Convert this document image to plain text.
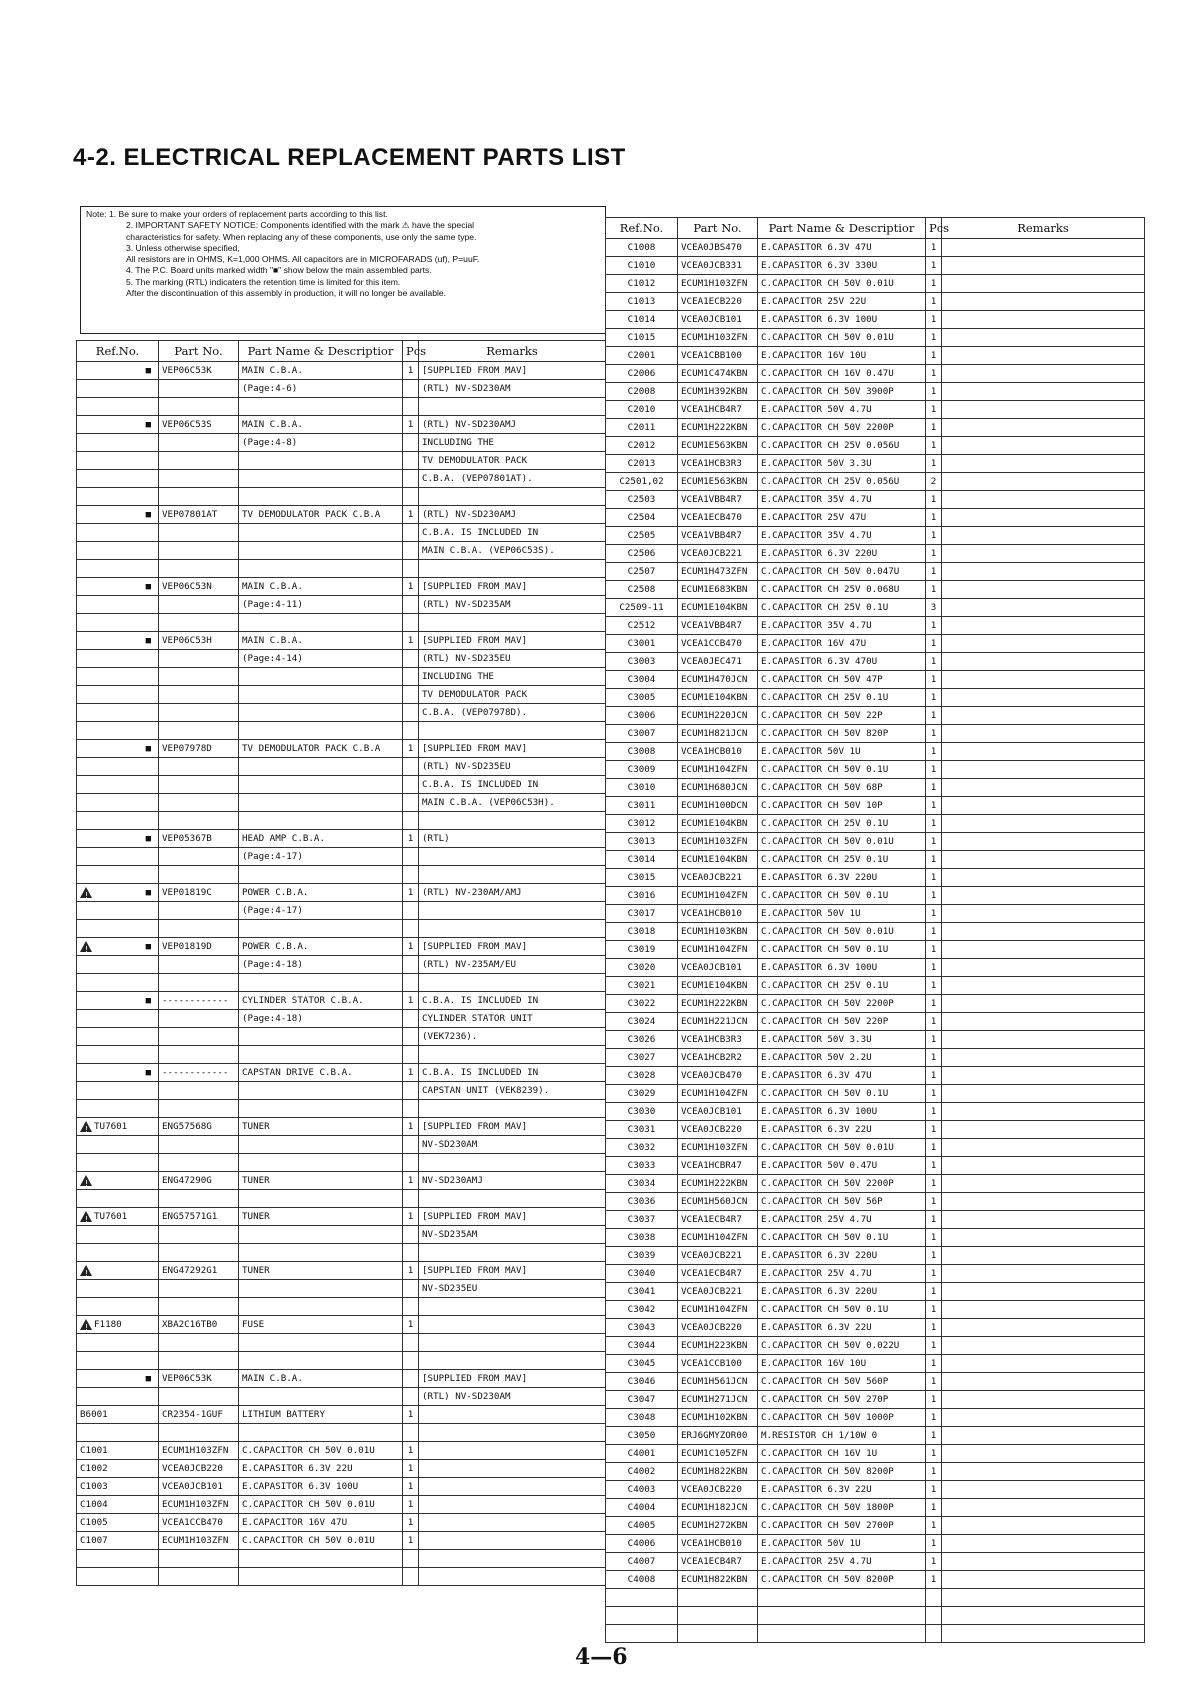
4-2. ELECTRICAL REPLACEMENT PARTS LIST
Note: 1. Be sure to make your orders of replacement parts according to this list.
2. IMPORTANT SAFETY NOTICE: Components identified with the mark ⚠ have the special
characteristics for safety. When replacing any of these components, use only the same type.
3. Unless otherwise specified,
All resistors are in OHMS, K=1,000 OHMS. All capacitors are in MICROFARADS (uf), P=uuF.
4. The P.C. Board units marked width "■" show below the main assembled parts.
5. The marking (RTL) indicaters the retention time is limited for this item.
After the discontinuation of this assembly in production, it will no longer be available.
Ref.No.	Part No.	Part Name & Descriptior	Pcs	Remarks

■	VEP06C53K	MAIN C.B.A.	1	[SUPPLIED FROM MAV]
		(Page:4-6)		(RTL) NV-SD230AM

■	VEP06C53S	MAIN C.B.A.	1	(RTL) NV-SD230AMJ
		(Page:4-8)		INCLUDING THE
				TV DEMODULATOR PACK
				C.B.A. (VEP07801AT).

■	VEP07801AT	TV DEMODULATOR PACK C.B.A	1	(RTL) NV-SD230AMJ
				C.B.A. IS INCLUDED IN
				MAIN C.B.A. (VEP06C53S).

■	VEP06C53N	MAIN C.B.A.	1	[SUPPLIED FROM MAV]
		(Page:4-11)		(RTL) NV-SD235AM

■	VEP06C53H	MAIN C.B.A.	1	[SUPPLIED FROM MAV]
		(Page:4-14)		(RTL) NV-SD235EU
				INCLUDING THE
				TV DEMODULATOR PACK
				C.B.A. (VEP07978D).

■	VEP07978D	TV DEMODULATOR PACK C.B.A	1	[SUPPLIED FROM MAV]
				(RTL) NV-SD235EU
				C.B.A. IS INCLUDED IN
				MAIN C.B.A. (VEP06C53H).

■	VEP05367B	HEAD AMP C.B.A.	1	(RTL)
		(Page:4-17)		

!
■	VEP01819C	POWER C.B.A.	1	(RTL) NV-230AM/AMJ
		(Page:4-17)		

!
■	VEP01819D	POWER C.B.A.	1	[SUPPLIED FROM MAV]
		(Page:4-18)		(RTL) NV-235AM/EU

■	------------	CYLINDER STATOR C.B.A.	1	C.B.A. IS INCLUDED IN
		(Page:4-18)		CYLINDER STATOR UNIT
				(VEK7236).

■	------------	CAPSTAN DRIVE C.B.A.	1	C.B.A. IS INCLUDED IN
				CAPSTAN UNIT (VEK8239).

!TU7601	ENG57568G	TUNER	1	[SUPPLIED FROM MAV]
				NV-SD230AM

!	ENG47290G	TUNER	1	NV-SD230AMJ

!TU7601	ENG57571G1	TUNER	1	[SUPPLIED FROM MAV]
				NV-SD235AM

!	ENG47292G1	TUNER	1	[SUPPLIED FROM MAV]
				NV-SD235EU

!F1180	XBA2C16TB0	FUSE	1	

■	VEP06C53K	MAIN C.B.A.		[SUPPLIED FROM MAV]
				(RTL) NV-SD230AM
B6001	CR2354-1GUF	LITHIUM BATTERY	1	

C1001	ECUM1H103ZFN	C.CAPACITOR CH 50V 0.01U	1	
C1002	VCEA0JCB220	E.CAPASITOR 6.3V 22U	1	
C1003	VCEA0JCB101	E.CAPASITOR 6.3V 100U	1	
C1004	ECUM1H103ZFN	C.CAPACITOR CH 50V 0.01U	1	
C1005	VCEA1CCB470	E.CAPACITOR 16V 47U	1	
C1007	ECUM1H103ZFN	C.CAPACITOR CH 50V 0.01U	1	

Ref.No.	Part No.	Part Name & Descriptior	Pcs	Remarks
C1008	VCEA0JBS470	E.CAPASITOR 6.3V 47U	1	
C1010	VCEA0JCB331	E.CAPASITOR 6.3V 330U	1	
C1012	ECUM1H103ZFN	C.CAPACITOR CH 50V 0.01U	1	
C1013	VCEA1ECB220	E.CAPACITOR 25V 22U	1	
C1014	VCEA0JCB101	E.CAPASITOR 6.3V 100U	1	
C1015	ECUM1H103ZFN	C.CAPACITOR CH 50V 0.01U	1	
C2001	VCEA1CBB100	E.CAPACITOR 16V 10U	1	
C2006	ECUM1C474KBN	C.CAPACITOR CH 16V 0.47U	1	
C2008	ECUM1H392KBN	C.CAPACITOR CH 50V 3900P	1	
C2010	VCEA1HCB4R7	E.CAPACITOR 50V 4.7U	1	
C2011	ECUM1H222KBN	C.CAPACITOR CH 50V 2200P	1	
C2012	ECUM1E563KBN	C.CAPACITOR CH 25V 0.056U	1	
C2013	VCEA1HCB3R3	E.CAPACITOR 50V 3.3U	1	
C2501,02	ECUM1E563KBN	C.CAPACITOR CH 25V 0.056U	2	
C2503	VCEA1VBB4R7	E.CAPACITOR 35V 4.7U	1	
C2504	VCEA1ECB470	E.CAPACITOR 25V 47U	1	
C2505	VCEA1VBB4R7	E.CAPACITOR 35V 4.7U	1	
C2506	VCEA0JCB221	E.CAPASITOR 6.3V 220U	1	
C2507	ECUM1H473ZFN	C.CAPACITOR CH 50V 0.047U	1	
C2508	ECUM1E683KBN	C.CAPACITOR CH 25V 0.068U	1	
C2509-11	ECUM1E104KBN	C.CAPACITOR CH 25V 0.1U	3	
C2512	VCEA1VBB4R7	E.CAPACITOR 35V 4.7U	1	
C3001	VCEA1CCB470	E.CAPACITOR 16V 47U	1	
C3003	VCEA0JEC471	E.CAPASITOR 6.3V 470U	1	
C3004	ECUM1H470JCN	C.CAPACITOR CH 50V 47P	1	
C3005	ECUM1E104KBN	C.CAPACITOR CH 25V 0.1U	1	
C3006	ECUM1H220JCN	C.CAPACITOR CH 50V 22P	1	
C3007	ECUM1H821JCN	C.CAPACITOR CH 50V 820P	1	
C3008	VCEA1HCB010	E.CAPACITOR 50V 1U	1	
C3009	ECUM1H104ZFN	C.CAPACITOR CH 50V 0.1U	1	
C3010	ECUM1H680JCN	C.CAPACITOR CH 50V 68P	1	
C3011	ECUM1H100DCN	C.CAPACITOR CH 50V 10P	1	
C3012	ECUM1E104KBN	C.CAPACITOR CH 25V 0.1U	1	
C3013	ECUM1H103ZFN	C.CAPACITOR CH 50V 0.01U	1	
C3014	ECUM1E104KBN	C.CAPACITOR CH 25V 0.1U	1	
C3015	VCEA0JCB221	E.CAPASITOR 6.3V 220U	1	
C3016	ECUM1H104ZFN	C.CAPACITOR CH 50V 0.1U	1	
C3017	VCEA1HCB010	E.CAPACITOR 50V 1U	1	
C3018	ECUM1H103KBN	C.CAPACITOR CH 50V 0.01U	1	
C3019	ECUM1H104ZFN	C.CAPACITOR CH 50V 0.1U	1	
C3020	VCEA0JCB101	E.CAPASITOR 6.3V 100U	1	
C3021	ECUM1E104KBN	C.CAPACITOR CH 25V 0.1U	1	
C3022	ECUM1H222KBN	C.CAPACITOR CH 50V 2200P	1	
C3024	ECUM1H221JCN	C.CAPACITOR CH 50V 220P	1	
C3026	VCEA1HCB3R3	E.CAPACITOR 50V 3.3U	1	
C3027	VCEA1HCB2R2	E.CAPACITOR 50V 2.2U	1	
C3028	VCEA0JCB470	E.CAPASITOR 6.3V 47U	1	
C3029	ECUM1H104ZFN	C.CAPACITOR CH 50V 0.1U	1	
C3030	VCEA0JCB101	E.CAPASITOR 6.3V 100U	1	
C3031	VCEA0JCB220	E.CAPASITOR 6.3V 22U	1	
C3032	ECUM1H103ZFN	C.CAPACITOR CH 50V 0.01U	1	
C3033	VCEA1HCBR47	E.CAPACITOR 50V 0.47U	1	
C3034	ECUM1H222KBN	C.CAPACITOR CH 50V 2200P	1	
C3036	ECUM1H560JCN	C.CAPACITOR CH 50V 56P	1	
C3037	VCEA1ECB4R7	E.CAPACITOR 25V 4.7U	1	
C3038	ECUM1H104ZFN	C.CAPACITOR CH 50V 0.1U	1	
C3039	VCEA0JCB221	E.CAPASITOR 6.3V 220U	1	
C3040	VCEA1ECB4R7	E.CAPACITOR 25V 4.7U	1	
C3041	VCEA0JCB221	E.CAPASITOR 6.3V 220U	1	
C3042	ECUM1H104ZFN	C.CAPACITOR CH 50V 0.1U	1	
C3043	VCEA0JCB220	E.CAPASITOR 6.3V 22U	1	
C3044	ECUM1H223KBN	C.CAPACITOR CH 50V 0.022U	1	
C3045	VCEA1CCB100	E.CAPACITOR 16V 10U	1	
C3046	ECUM1H561JCN	C.CAPACITOR CH 50V 560P	1	
C3047	ECUM1H271JCN	C.CAPACITOR CH 50V 270P	1	
C3048	ECUM1H102KBN	C.CAPACITOR CH 50V 1000P	1	
C3050	ERJ6GMYZOR00	M.RESISTOR CH 1/10W 0	1	
C4001	ECUM1C105ZFN	C.CAPACITOR CH 16V 1U	1	
C4002	ECUM1H822KBN	C.CAPACITOR CH 50V 8200P	1	
C4003	VCEA0JCB220	E.CAPASITOR 6.3V 22U	1	
C4004	ECUM1H182JCN	C.CAPACITOR CH 50V 1800P	1	
C4005	ECUM1H272KBN	C.CAPACITOR CH 50V 2700P	1	
C4006	VCEA1HCB010	E.CAPACITOR 50V 1U	1	
C4007	VCEA1ECB4R7	E.CAPACITOR 25V 4.7U	1	
C4008	ECUM1H822KBN	C.CAPACITOR CH 50V 8200P	1	

4—6
